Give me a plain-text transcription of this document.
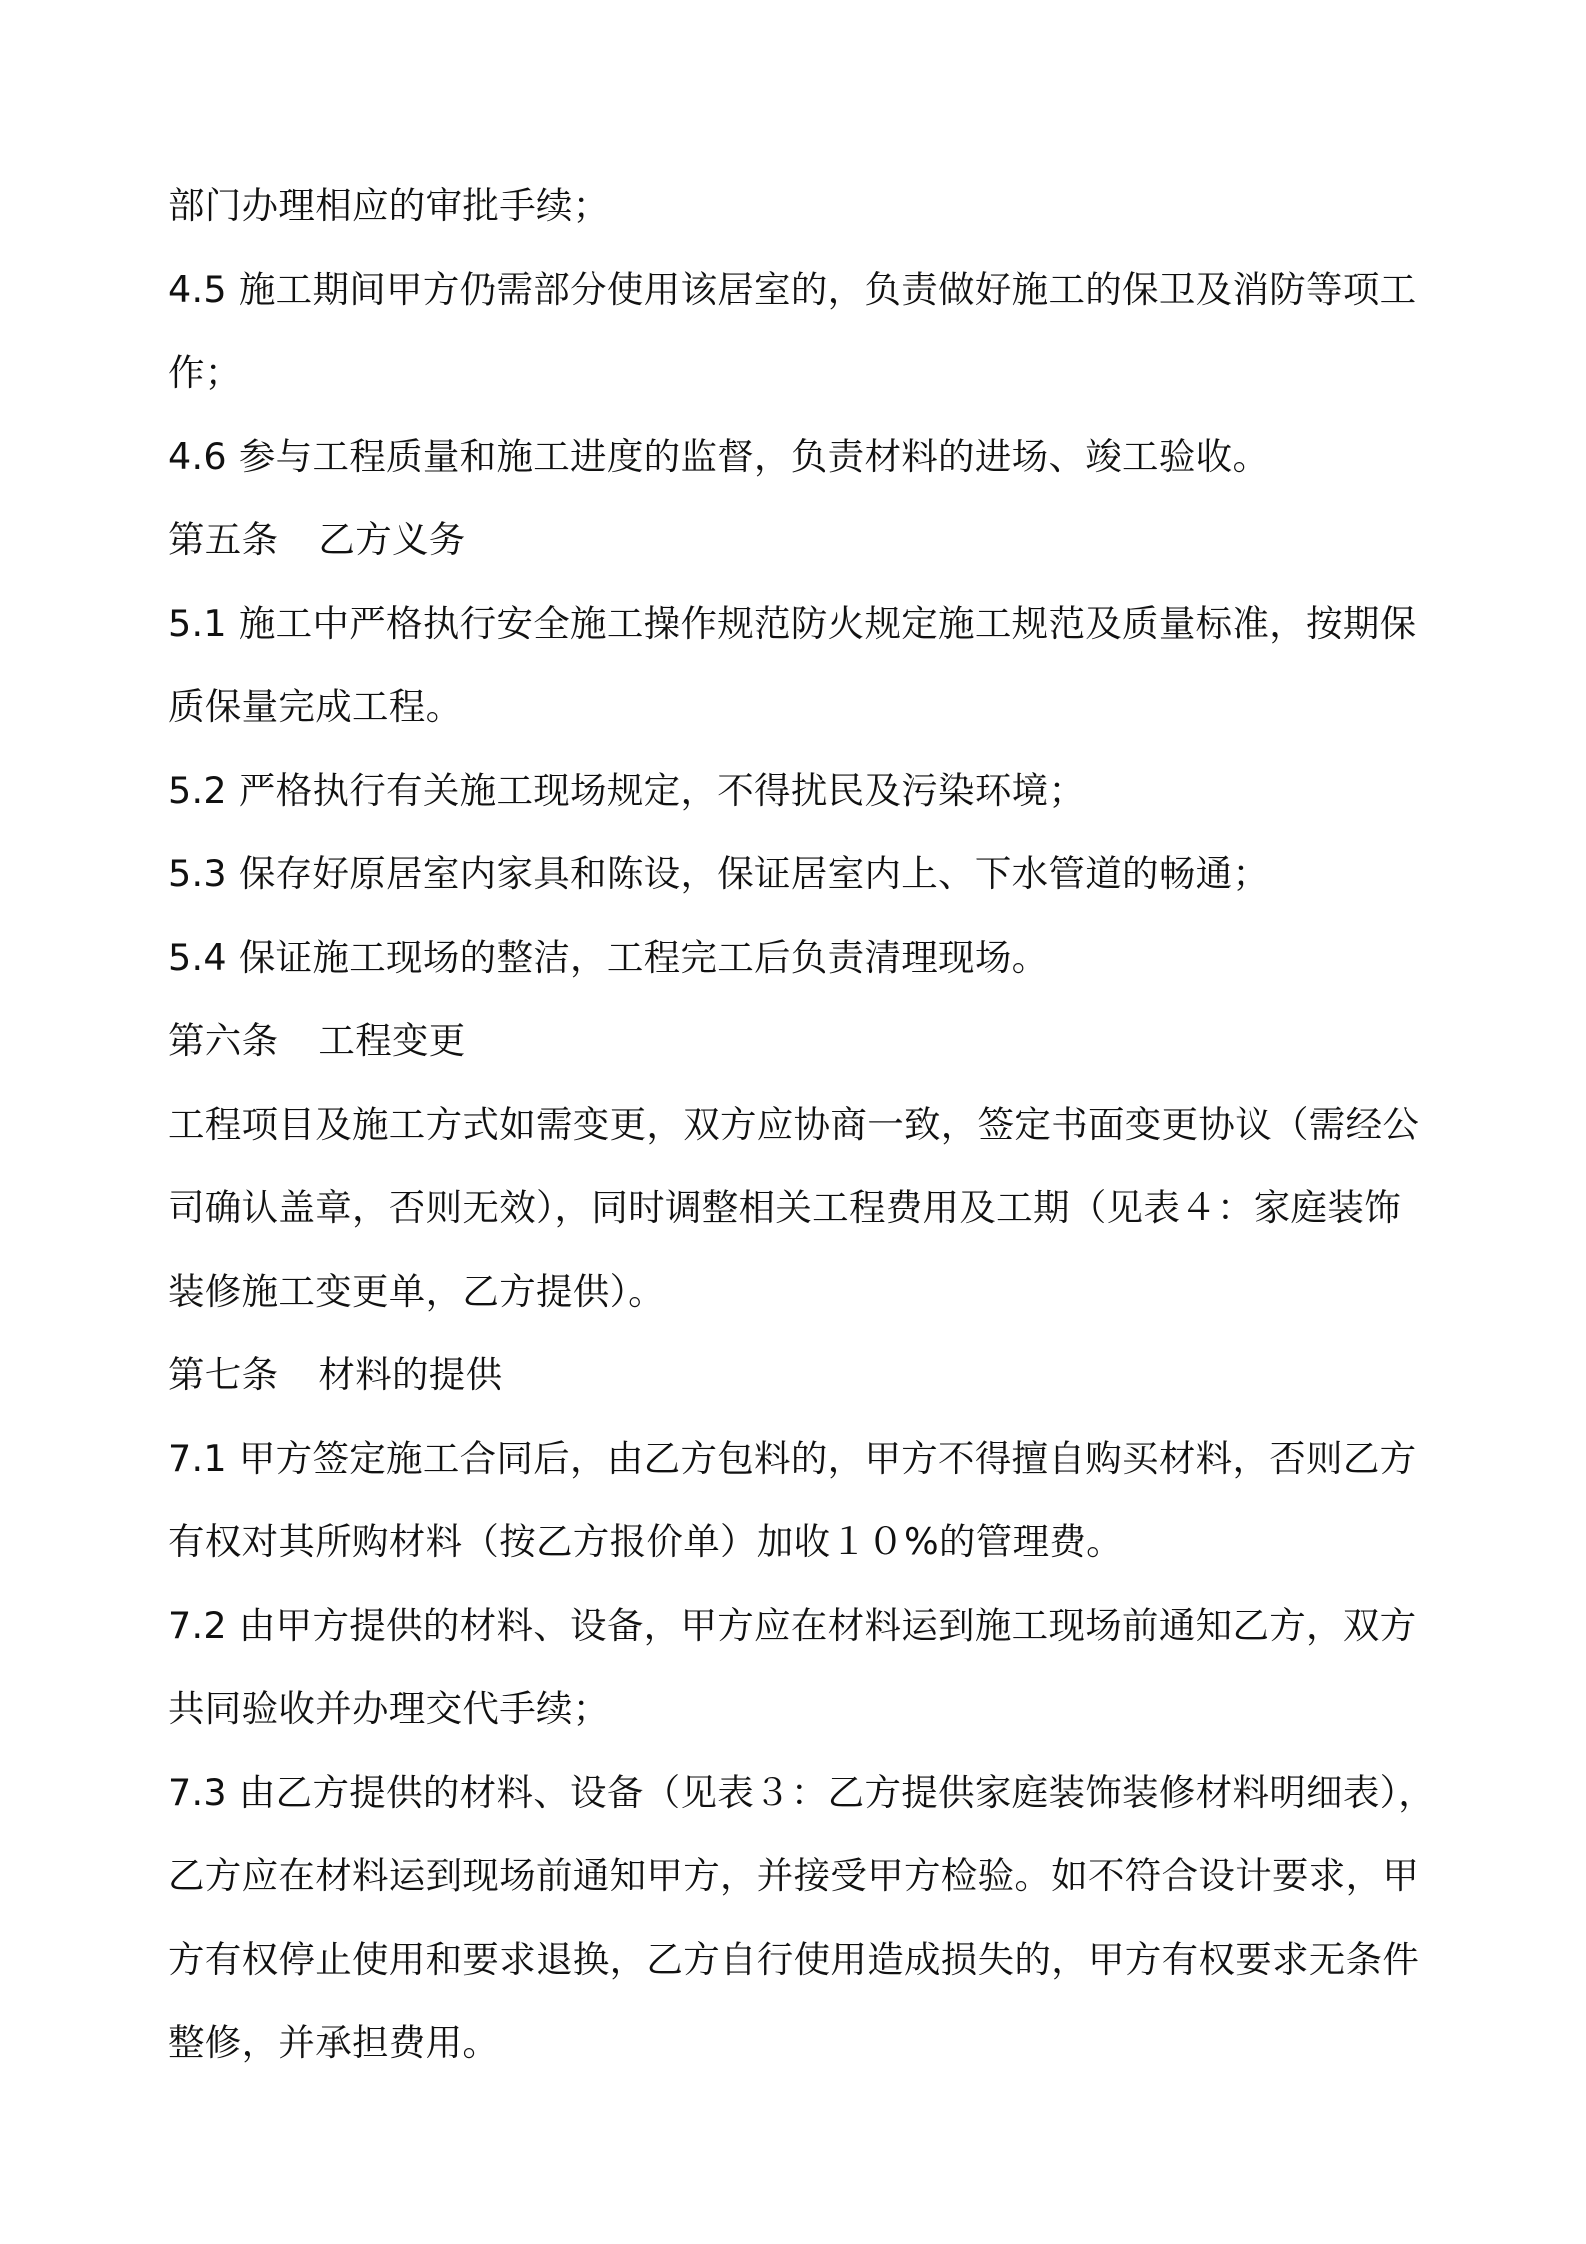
部门办理相应的审批手续；
4.5 施工期间甲方仍需部分使用该居室的，负责做好施工的保卫及消防等项工
作；
4.6 参与工程质量和施工进度的监督，负责材料的进场、竣工验收。
第五条 乙方义务
5.1 施工中严格执行安全施工操作规范防火规定施工规范及质量标准，按期保
质保量完成工程。
5.2 严格执行有关施工现场规定，不得扰民及污染环境；
5.3 保存好原居室内家具和陈设，保证居室内上、下水管道的畅通；
5.4 保证施工现场的整洁，工程完工后负责清理现场。
第六条 工程变更
工程项目及施工方式如需变更，双方应协商一致，签定书面变更协议（需经公
司确认盖章，否则无效），同时调整相关工程费用及工期（见表４：家庭装饰
装修施工变更单，乙方提供）。
第七条 材料的提供
7.1 甲方签定施工合同后，由乙方包料的，甲方不得擅自购买材料，否则乙方
有权对其所购材料（按乙方报价单）加收１０%的管理费。
7.2 由甲方提供的材料、设备，甲方应在材料运到施工现场前通知乙方，双方
共同验收并办理交代手续；
7.3 由乙方提供的材料、设备（见表３：乙方提供家庭装饰装修材料明细表），
乙方应在材料运到现场前通知甲方，并接受甲方检验。如不符合设计要求，甲
方有权停止使用和要求退换，乙方自行使用造成损失的，甲方有权要求无条件
整修，并承担费用。
